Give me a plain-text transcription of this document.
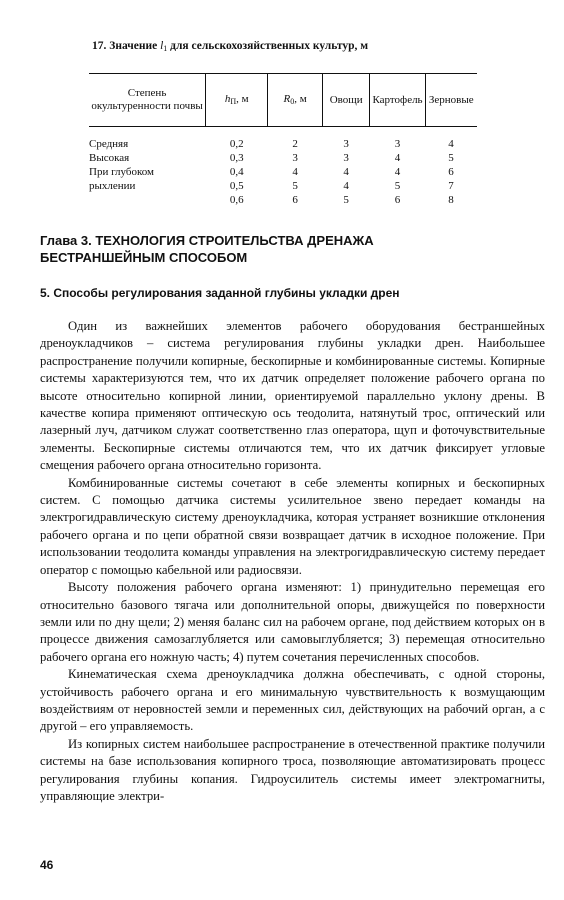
17. Значение $l_1$ для сельскохозяйственных культур, м
Степень окультуренности почвы	$h_П$, м	$R_0$, м	Овощи	Картофель	Зерновые
Средняя	0,2	2	3	3	4
Высокая	0,3	3	3	4	5
При глубоком	0,4	4	4	4	6
рыхлении	0,5	5	4	5	7
	0,6	6	5	6	8
Глава 3. ТЕХНОЛОГИЯ СТРОИТЕЛЬСТВА ДРЕНАЖА
БЕСТРАНШЕЙНЫМ СПОСОБОМ
5. Способы регулирования заданной глубины укладки дрен

Один из важнейших элементов рабочего оборудования бестраншейных дреноукладчиков – система регулирования глубины укладки дрен. Наибольшее распространение получили копирные, бескопирные и комбинированные системы. Копирные системы характеризуются тем, что их датчик определяет положение рабочего органа по высоте относительно копирной линии, ориентируемой параллельно уклону дрены. В качестве копира применяют оптическую ось теодолита, натянутый трос, оптический или лазерный луч, датчиком служат соответственно глаз оператора, щуп и фоточувствительные элементы. Бескопирные системы отличаются тем, что их датчик фиксирует угловые смещения рабочего органа относительно горизонта.

Комбинированные системы сочетают в себе элементы копирных и бескопирных систем. С помощью датчика системы усилительное звено передает команды на электрогидравлическую систему дреноукладчика, которая устраняет возникшие отклонения рабочего органа и по цепи обратной связи возвращает датчик в исходное положение. При использовании теодолита команды управления на электрогидравлическую систему передает оператор с помощью кабельной или радиосвязи.

Высоту положения рабочего органа изменяют: 1) принудительно перемещая его относительно базового тягача или дополнительной опоры, движущейся по поверхности земли или по дну щели; 2) меняя баланс сил на рабочем органе, под действием которых он в процессе движения самозаглубляется или самовыглубляется; 3) перемещая относительно рабочего органа его ножную часть; 4) путем сочетания перечисленных способов.

Кинематическая схема дреноукладчика должна обеспечивать, с одной стороны, устойчивость рабочего органа и его минимальную чувствительность к возмущающим воздействиям от неровностей земли и переменных сил, действующих на рабочий орган, а с другой – его управляемость.

Из копирных систем наибольшее распространение в отечественной практике получили системы на базе использования копирного троса, позволяющие автоматизировать процесс регулирования глубины копания. Гидроусилитель системы имеет электромагниты, управляющие электри-

46
